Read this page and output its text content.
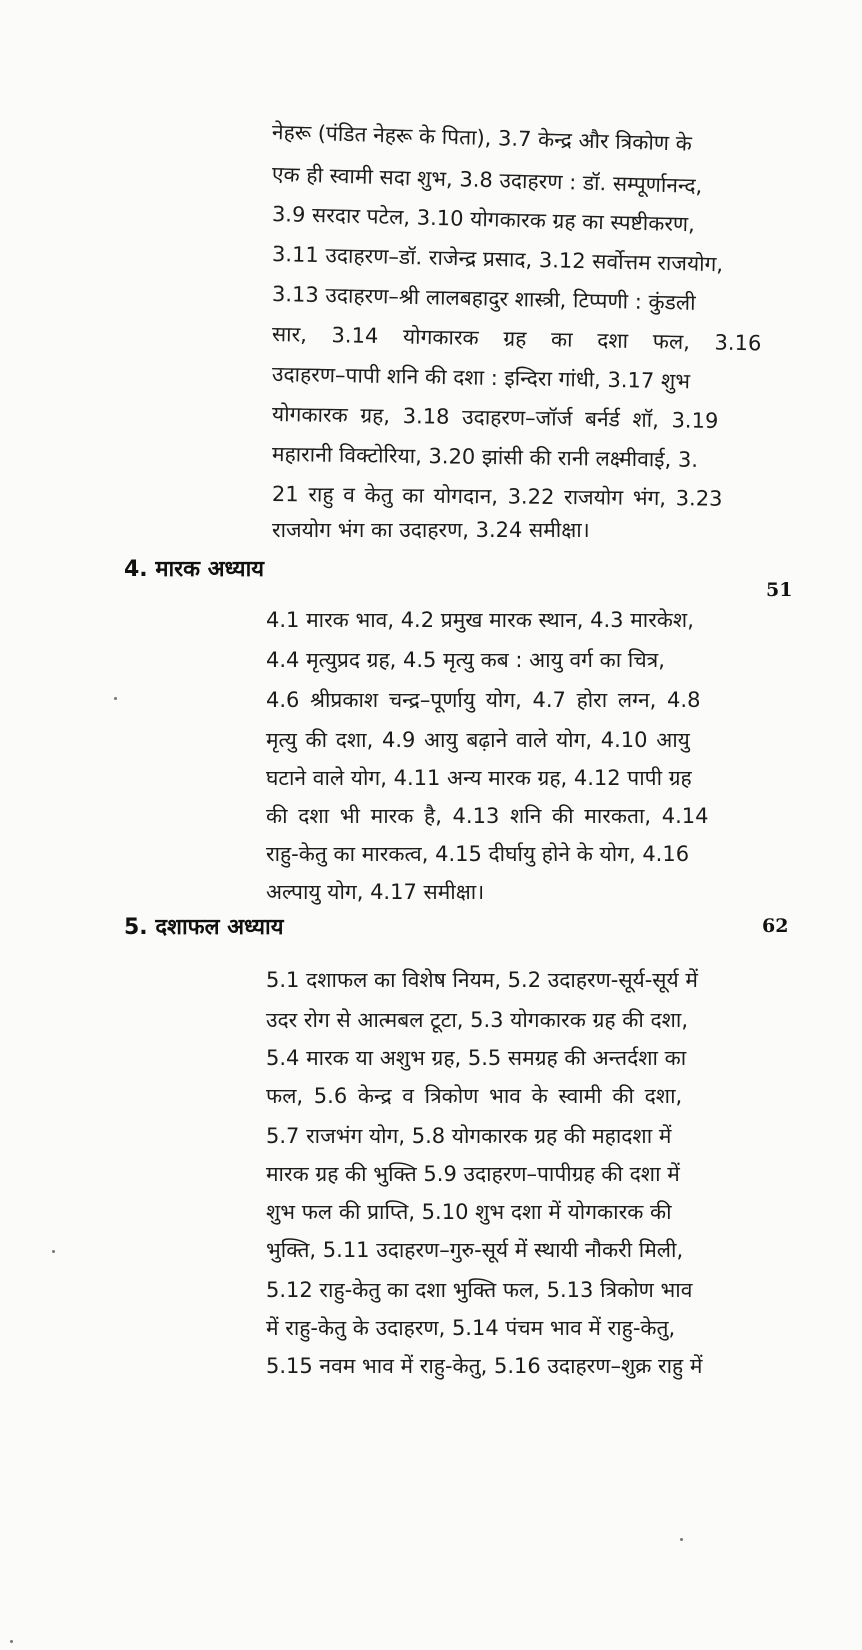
नेहरू (पंडित नेहरू के पिता), 3.7 केन्द्र और त्रिकोण के
एक ही स्वामी सदा शुभ, 3.8 उदाहरण : डॉ. सम्पूर्णानन्द,
3.9 सरदार पटेल, 3.10 योगकारक ग्रह का स्पष्टीकरण,
3.11 उदाहरण–डॉ. राजेन्द्र प्रसाद, 3.12 सर्वोत्तम राजयोग,
3.13 उदाहरण–श्री लालबहादुर शास्त्री, टिप्पणी : कुंडली
सार, 3.14 योगकारक ग्रह का दशा फल, 3.16
उदाहरण–पापी शनि की दशा : इन्दिरा गांधी, 3.17 शुभ
योगकारक ग्रह, 3.18 उदाहरण–जॉर्ज बर्नर्ड शॉ, 3.19
महारानी विक्टोरिया, 3.20 झांसी की रानी लक्ष्मीवाई, 3.
21 राहु व केतु का योगदान, 3.22 राजयोग भंग, 3.23
राजयोग भंग का उदाहरण, 3.24 समीक्षा।
4. मारक अध्याय
51
4.1 मारक भाव, 4.2 प्रमुख मारक स्थान, 4.3 मारकेश,
4.4 मृत्युप्रद ग्रह, 4.5 मृत्यु कब : आयु वर्ग का चित्र,
4.6 श्रीप्रकाश चन्द्र–पूर्णायु योग, 4.7 होरा लग्न, 4.8
मृत्यु की दशा, 4.9 आयु बढ़ाने वाले योग, 4.10 आयु
घटाने वाले योग, 4.11 अन्य मारक ग्रह, 4.12 पापी ग्रह
की दशा भी मारक है, 4.13 शनि की मारकता, 4.14
राहु-केतु का मारकत्व, 4.15 दीर्घायु होने के योग, 4.16
अल्पायु योग, 4.17 समीक्षा।
5. दशाफल अध्याय	62
5.1 दशाफल का विशेष नियम, 5.2 उदाहरण-सूर्य-सूर्य में
उदर रोग से आत्मबल टूटा, 5.3 योगकारक ग्रह की दशा,
5.4 मारक या अशुभ ग्रह, 5.5 समग्रह की अन्तर्दशा का
फल, 5.6 केन्द्र व त्रिकोण भाव के स्वामी की दशा,
5.7 राजभंग योग, 5.8 योगकारक ग्रह की महादशा में
मारक ग्रह की भुक्ति 5.9 उदाहरण–पापीग्रह की दशा में
शुभ फल की प्राप्ति, 5.10 शुभ दशा में योगकारक की
भुक्ति, 5.11 उदाहरण–गुरु-सूर्य में स्थायी नौकरी मिली,
5.12 राहु-केतु का दशा भुक्ति फल, 5.13 त्रिकोण भाव
में राहु-केतु के उदाहरण, 5.14 पंचम भाव में राहु-केतु,
5.15 नवम भाव में राहु-केतु, 5.16 उदाहरण–शुक्र राहु में
